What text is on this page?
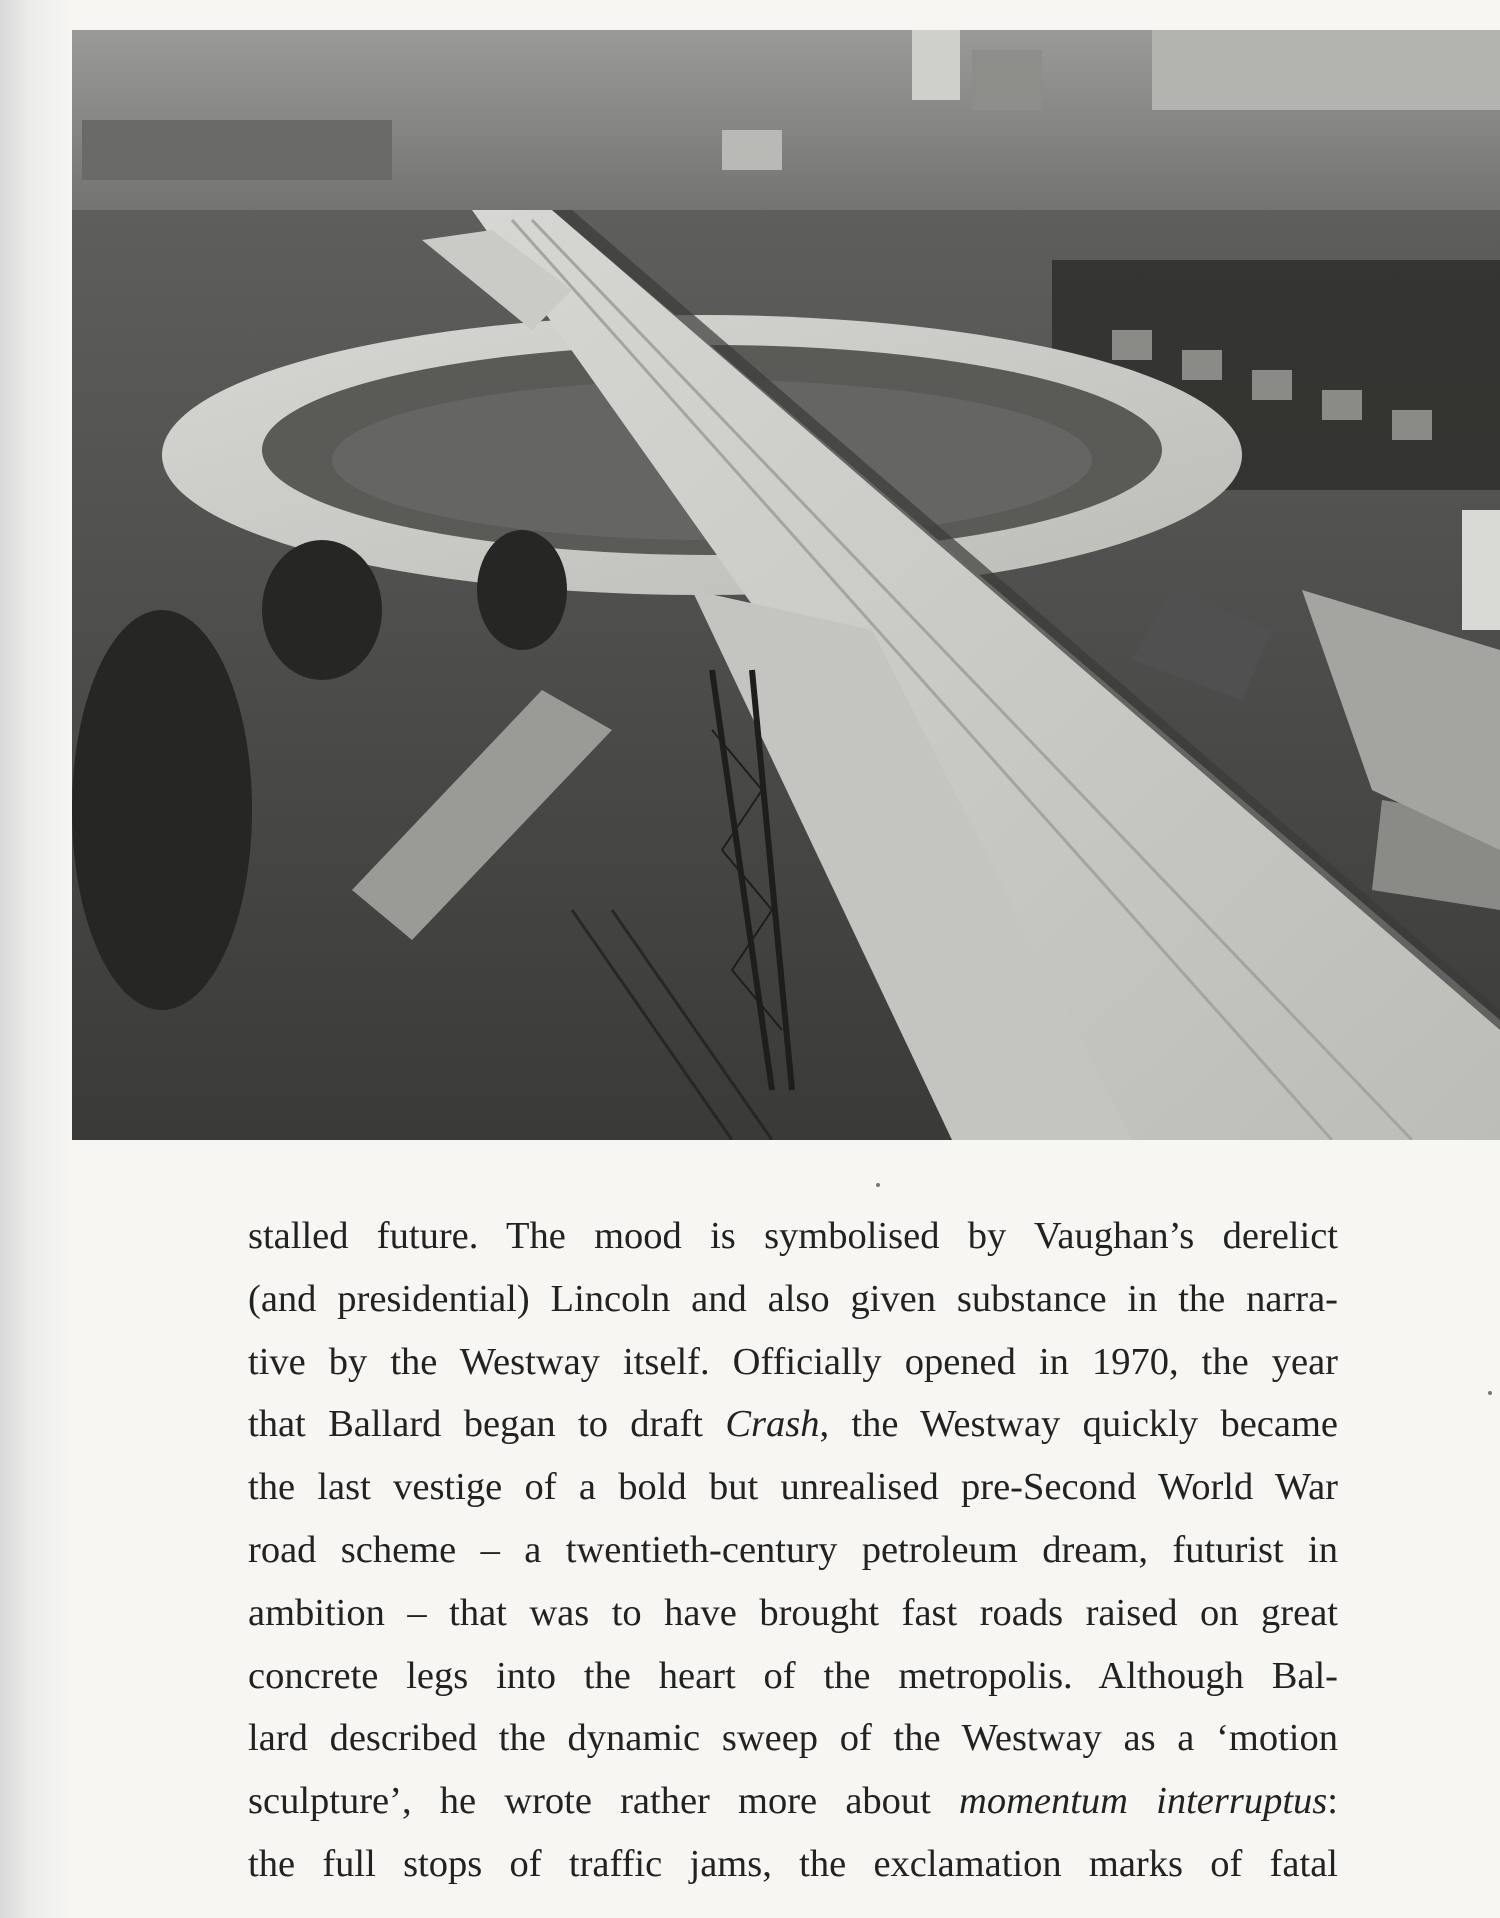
stalled future. The mood is symbolised by Vaughan’s derelict
(and presidential) Lincoln and also given substance in the narra-
tive by the Westway itself. Officially opened in 1970, the year
that Ballard began to draft Crash, the Westway quickly became
the last vestige of a bold but unrealised pre-Second World War
road scheme – a twentieth-century petroleum dream, futurist in
ambition – that was to have brought fast roads raised on great
concrete legs into the heart of the metropolis. Although Bal-
lard described the dynamic sweep of the Westway as a ‘motion
sculpture’, he wrote rather more about momentum interruptus:
the full stops of traffic jams, the exclamation marks of fatal
